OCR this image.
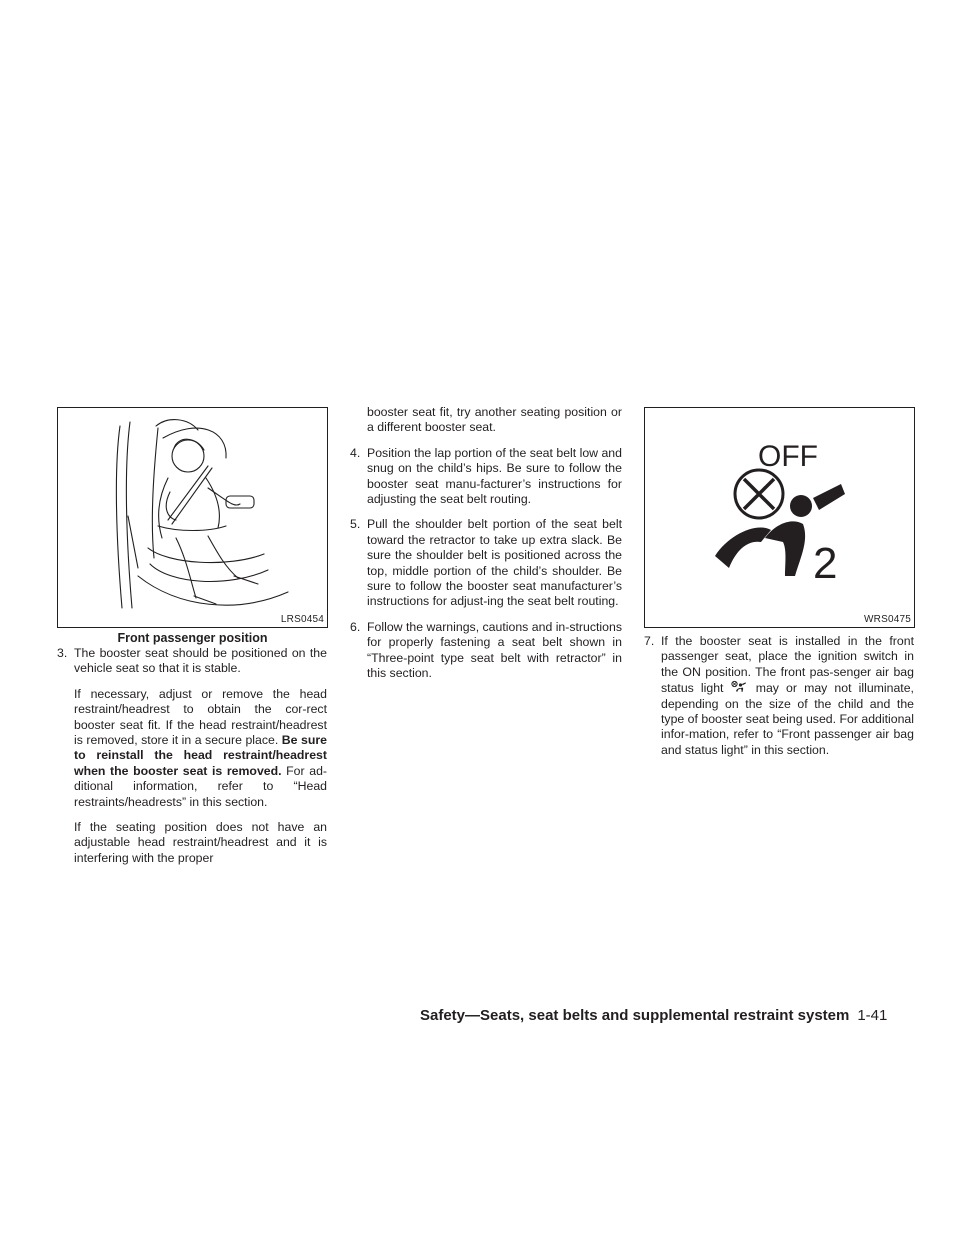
LRS0454
Front passenger position
3. The booster seat should be positioned on the vehicle seat so that it is stable.
If necessary, adjust or remove the head restraint/headrest to obtain the cor-rect booster seat fit. If the head restraint/headrest is removed, store it in a secure place. Be sure to reinstall the head restraint/headrest when the booster seat is removed. For ad-ditional information, refer to “Head restraints/headrests” in this section.
If the seating position does not have an adjustable head restraint/headrest and it is interfering with the proper
booster seat fit, try another seating position or a different booster seat.
4. Position the lap portion of the seat belt low and snug on the child’s hips. Be sure to follow the booster seat manu-facturer’s instructions for adjusting the seat belt routing.
5. Pull the shoulder belt portion of the seat belt toward the retractor to take up extra slack. Be sure the shoulder belt is positioned across the top, middle portion of the child’s shoulder. Be sure to follow the booster seat manufacturer’s instructions for adjust-ing the seat belt routing.
6. Follow the warnings, cautions and in-structions for properly fastening a seat belt shown in “Three-point type seat belt with retractor” in this section.
OFF
2
WRS0475
7. If the booster seat is installed in the front passenger seat, place the ignition switch in the ON position. The front pas-senger air bag status light	may or may not illuminate, depending on the size of the child and the type of booster seat being used. For additional infor-mation, refer to “Front passenger air bag and status light” in this section.
Safety—Seats, seat belts and supplemental restraint system 1-41
